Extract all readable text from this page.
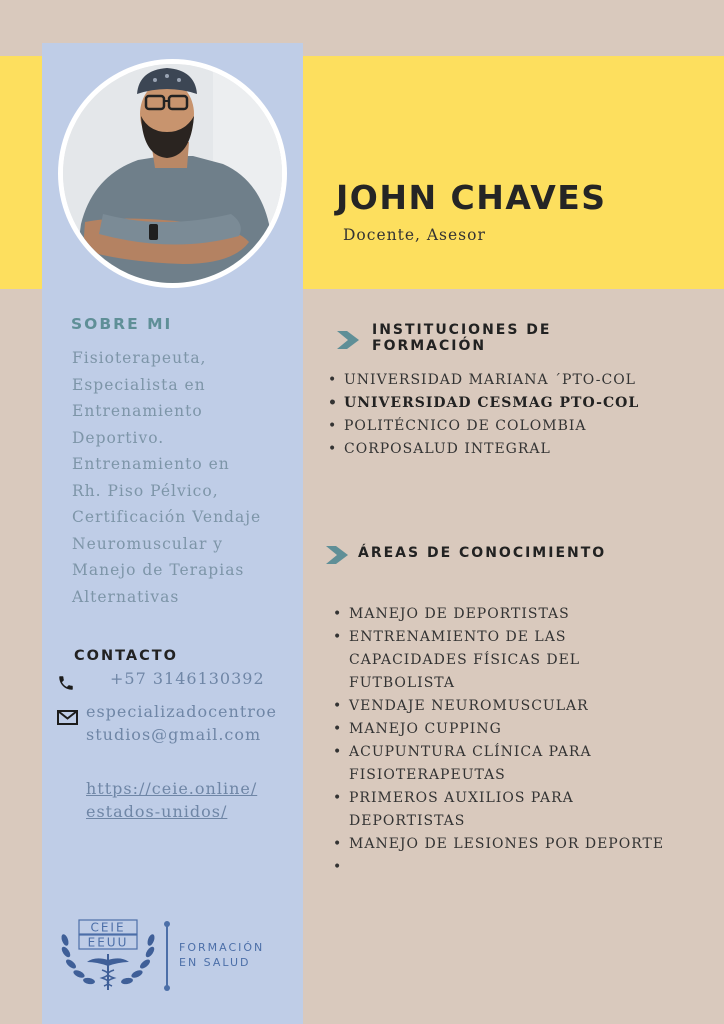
JOHN CHAVES
Docente, Asesor
SOBRE MI
Fisioterapeuta,
Especialista en
Entrenamiento
Deportivo.
Entrenamiento en
Rh. Piso Pélvico,
Certificación Vendaje
Neuromuscular y
Manejo de Terapias
Alternativas
CONTACTO
+57 3146130392
especializadocentroe
studios@gmail.com
https://ceie.online/
estados-unidos/
CEIE
EEUU	FORMACIÓN
EN SALUD
INSTITUCIONES DE
FORMACIÓN
• UNIVERSIDAD MARIANA ´PTO-COL
• UNIVERSIDAD CESMAG PTO-COL
• POLITÉCNICO DE COLOMBIA
• CORPOSALUD INTEGRAL
ÁREAS DE CONOCIMIENTO
• MANEJO DE DEPORTISTAS
• ENTRENAMIENTO DE LAS
CAPACIDADES FÍSICAS DEL
FUTBOLISTA
• VENDAJE NEUROMUSCULAR
• MANEJO CUPPING
• ACUPUNTURA CLÍNICA PARA
FISIOTERAPEUTAS
• PRIMEROS AUXILIOS PARA
DEPORTISTAS
• MANEJO DE LESIONES POR DEPORTE
•
